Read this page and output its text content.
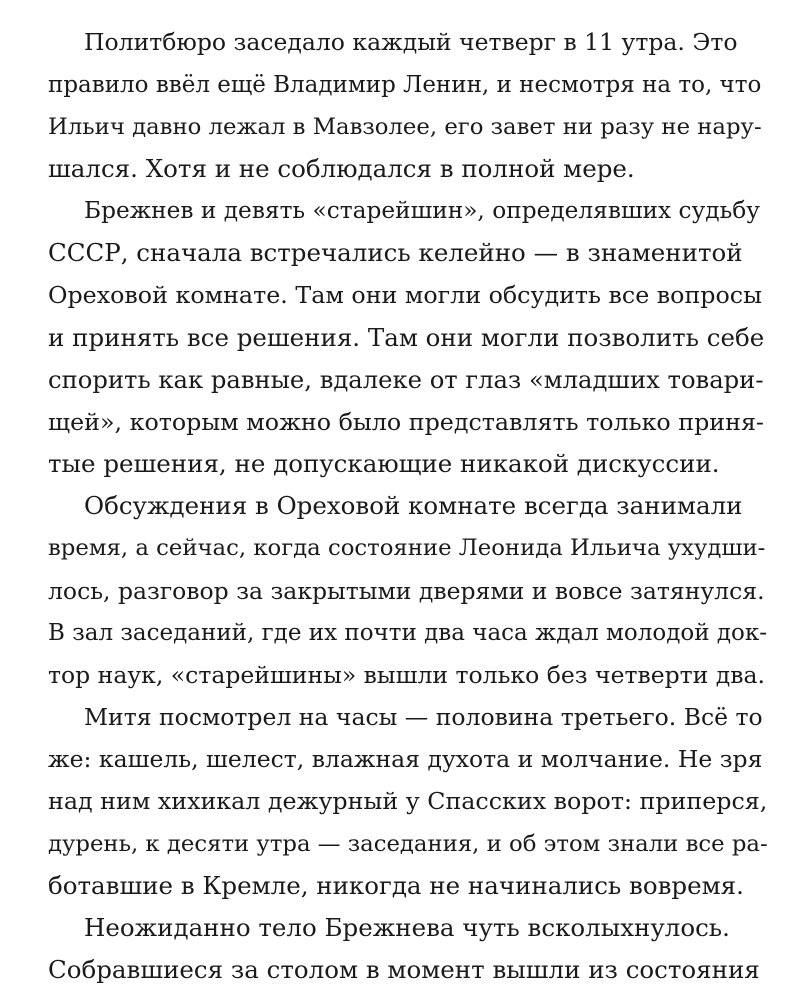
Политбюро заседало каждый четверг в 11 утра. Это
правило ввёл ещё Владимир Ленин, и несмотря на то, что
Ильич давно лежал в Мавзолее, его завет ни разу не нару-
шался. Хотя и не соблюдался в полной мере.
Брежнев и девять «старейшин», определявших судьбу
СССР, сначала встречались келейно — в знаменитой
Ореховой комнате. Там они могли обсудить все вопросы
и принять все решения. Там они могли позволить себе
спорить как равные, вдалеке от глаз «младших товари-
щей», которым можно было представлять только приня-
тые решения, не допускающие никакой дискуссии.
Обсуждения в Ореховой комнате всегда занимали
время, а сейчас, когда состояние Леонида Ильича ухудши-
лось, разговор за закрытыми дверями и вовсе затянулся.
В зал заседаний, где их почти два часа ждал молодой док-
тор наук, «старейшины» вышли только без четверти два.
Митя посмотрел на часы — половина третьего. Всё то
же: кашель, шелест, влажная духота и молчание. Не зря
над ним хихикал дежурный у Спасских ворот: приперся,
дурень, к десяти утра — заседания, и об этом знали все ра-
ботавшие в Кремле, никогда не начинались вовремя.
Неожиданно тело Брежнева чуть всколыхнулось.
Собравшиеся за столом в момент вышли из состояния
